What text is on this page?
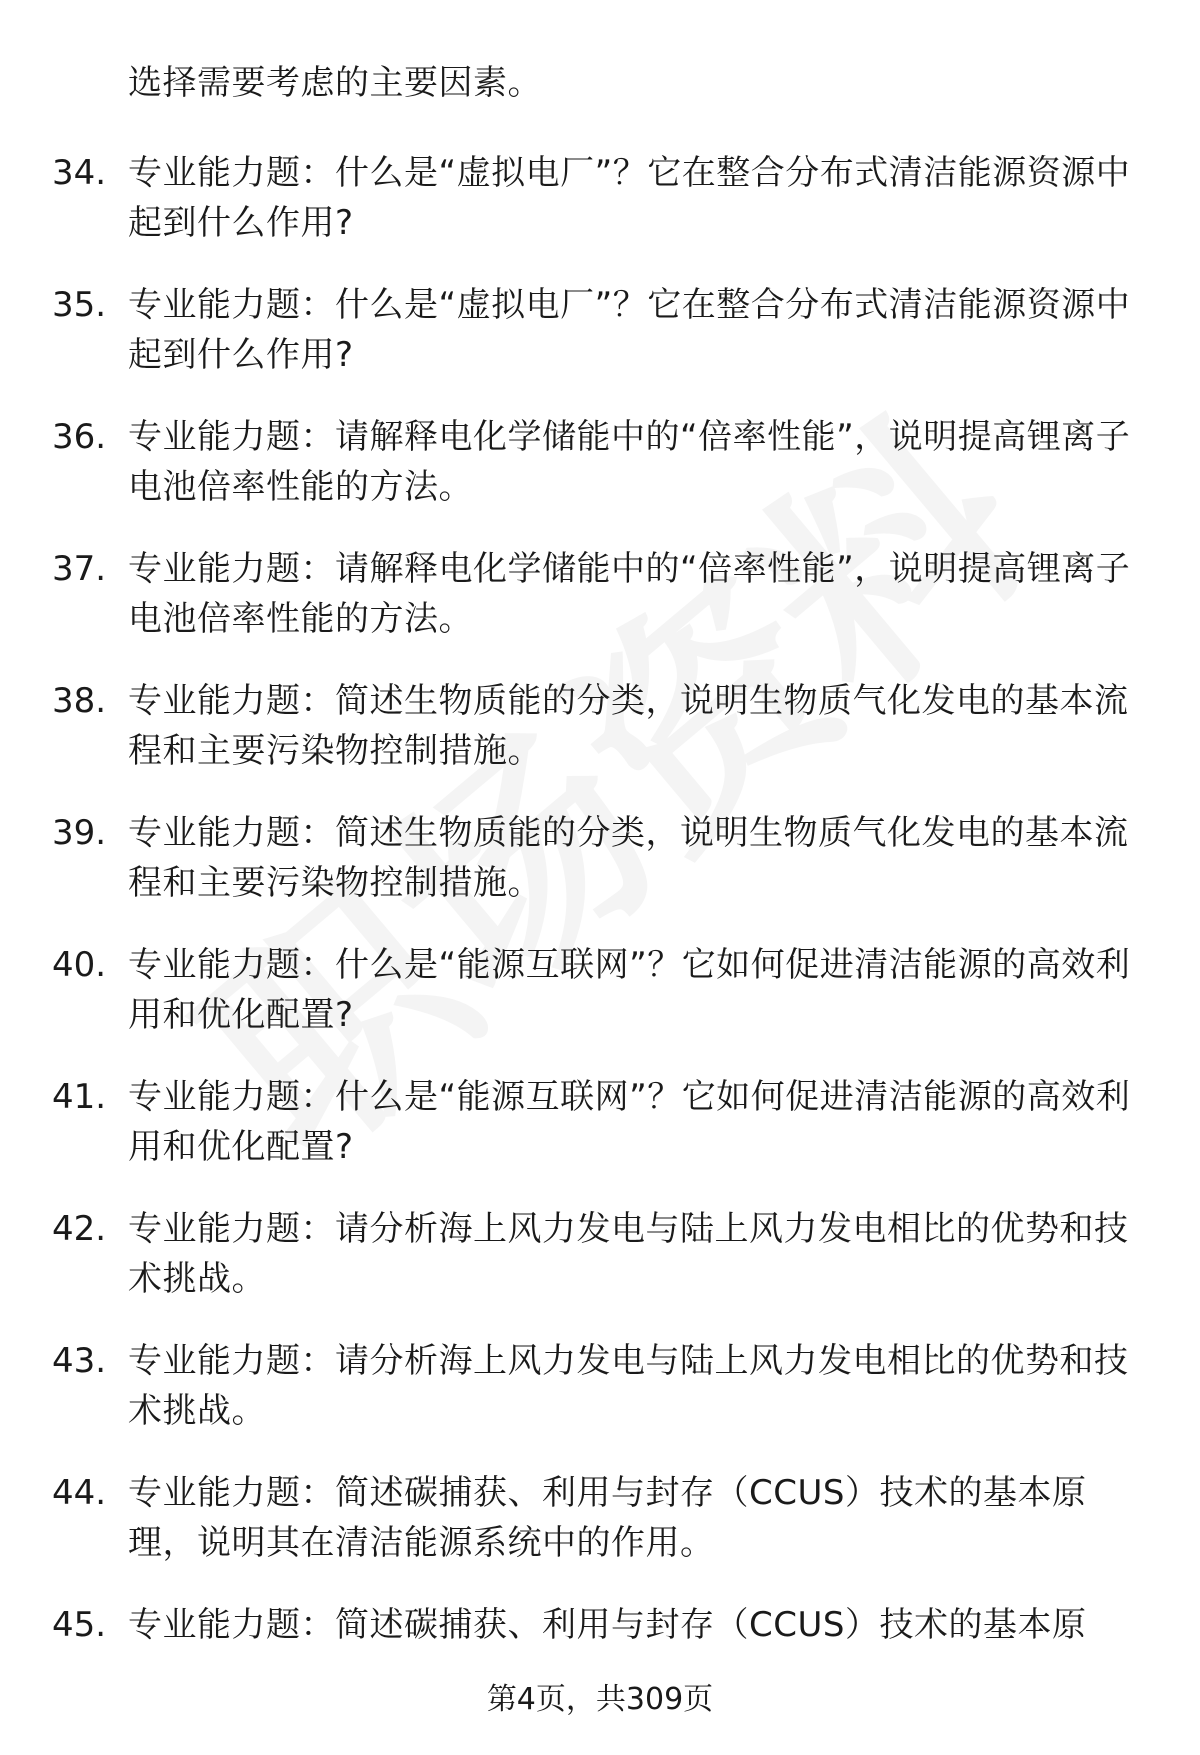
选择需要考虑的主要因素。
34. 专业能力题：什么是“虚拟电厂”？它在整合分布式清洁能源资源中起到什么作用?
35. 专业能力题：什么是“虚拟电厂”？它在整合分布式清洁能源资源中起到什么作用?
36. 专业能力题：请解释电化学储能中的“倍率性能”，说明提高锂离子电池倍率性能的方法。
37. 专业能力题：请解释电化学储能中的“倍率性能”，说明提高锂离子电池倍率性能的方法。
38. 专业能力题：简述生物质能的分类，说明生物质气化发电的基本流程和主要污染物控制措施。
39. 专业能力题：简述生物质能的分类，说明生物质气化发电的基本流程和主要污染物控制措施。
40. 专业能力题：什么是“能源互联网”？它如何促进清洁能源的高效利用和优化配置?
41. 专业能力题：什么是“能源互联网”？它如何促进清洁能源的高效利用和优化配置?
42. 专业能力题：请分析海上风力发电与陆上风力发电相比的优势和技术挑战。
43. 专业能力题：请分析海上风力发电与陆上风力发电相比的优势和技术挑战。
44. 专业能力题：简述碳捕获、利用与封存（CCUS）技术的基本原理，说明其在清洁能源系统中的作用。
45. 专业能力题：简述碳捕获、利用与封存（CCUS）技术的基本原
第4页，共309页
